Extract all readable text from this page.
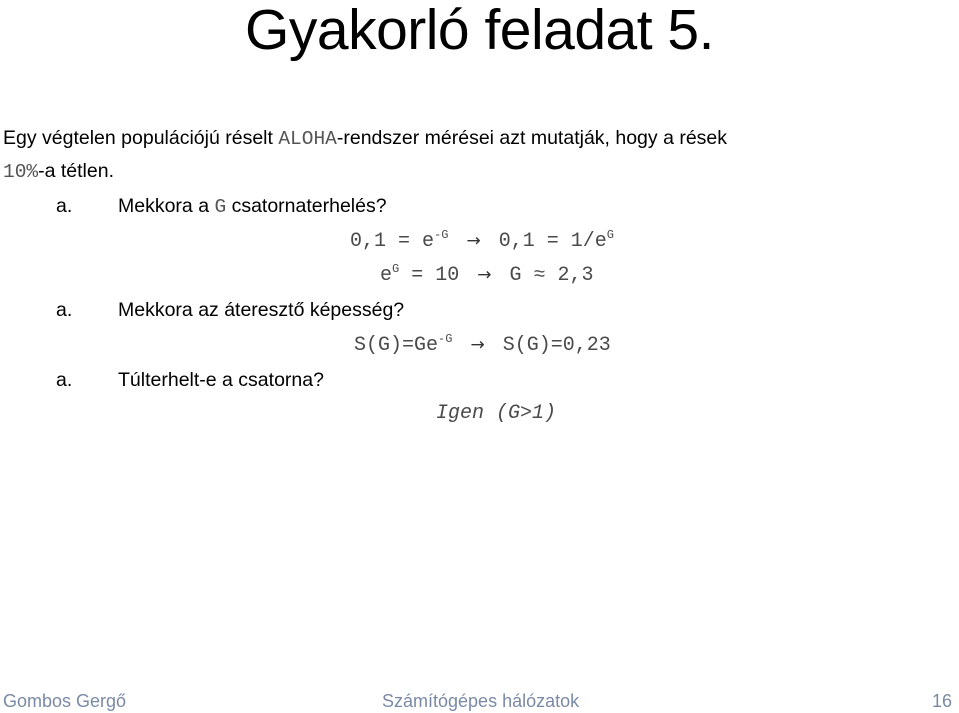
Gyakorló feladat 5.
Egy végtelen populációjú réselt ALOHA-rendszer mérései azt mutatják, hogy a rések 10%-a tétlen.
a. Mekkora a G csatornaterhelés?
$0,1 = e^{-G} \to 0,1 = 1/e^G$
$e^G = 10 \to G \approx 2,3$
a. Mekkora az áteresztő képesség?
$S(G)=Ge^{-G} \to S(G)=0,23$
a. Túlterhelt-e a csatorna?
Igen (G>1)
Gombos Gergő	Számítógépes hálózatok	16
